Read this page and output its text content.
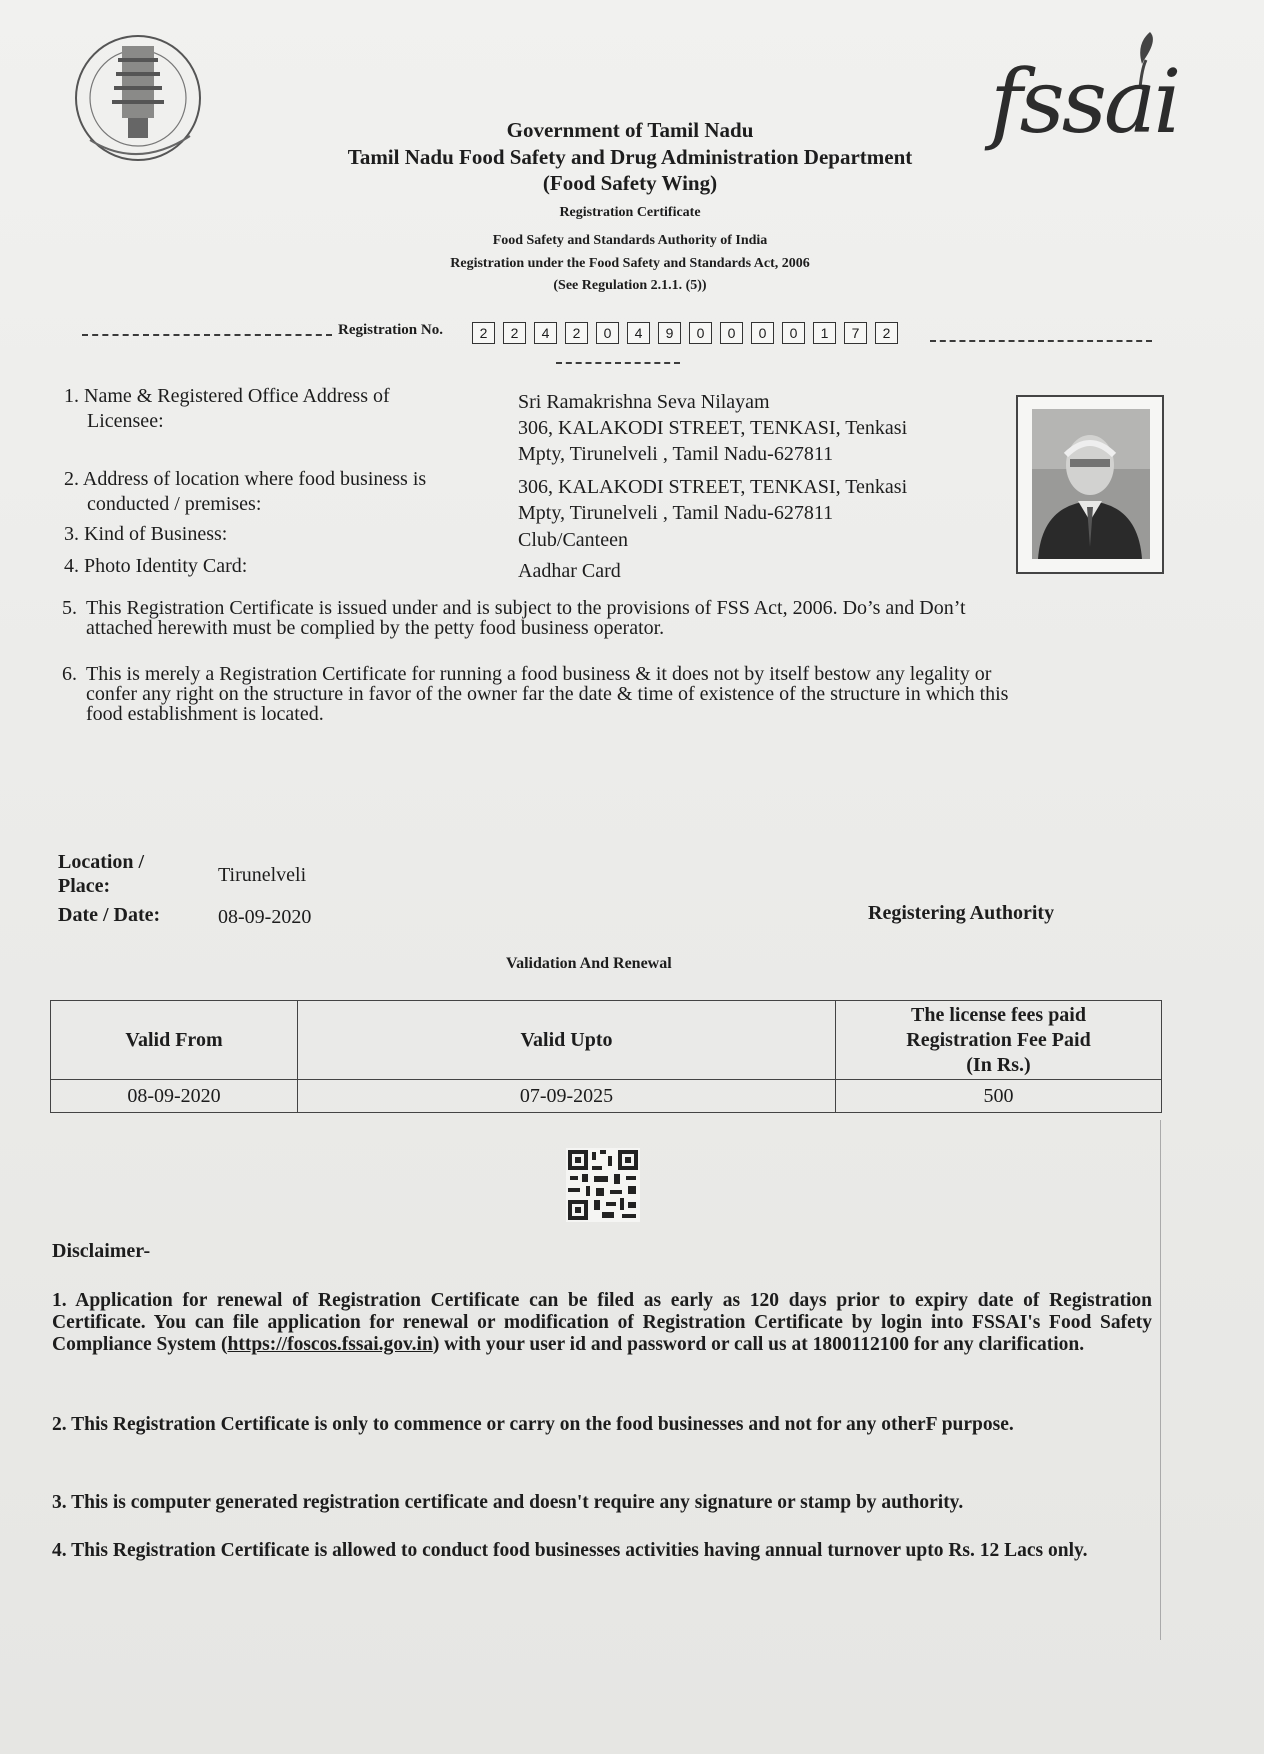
fssai
Government of Tamil Nadu
Tamil Nadu Food Safety and Drug Administration Department
(Food Safety Wing)
Registration Certificate
Food Safety and Standards Authority of India
Registration under the Food Safety and Standards Act, 2006
(See Regulation 2.1.1. (5))
Registration No.	2 2 4 2 0 4 9 0 0 0 0 1 7 2
1. Name & Registered Office Address of
Licensee:
Sri Ramakrishna Seva Nilayam
306, KALAKODI STREET, TENKASI, Tenkasi
Mpty, Tirunelveli , Tamil Nadu-627811
2. Address of location where food business is
conducted / premises:
306, KALAKODI STREET, TENKASI, Tenkasi
Mpty, Tirunelveli , Tamil Nadu-627811
3. Kind of Business:	Club/Canteen
4. Photo Identity Card:	Aadhar Card
5. This Registration Certificate is issued under and is subject to the provisions of FSS Act, 2006. Do’s and Don’t
attached herewith must be complied by the petty food business operator.
6. This is merely a Registration Certificate for running a food business & it does not by itself bestow any legality or
confer any right on the structure in favor of the owner far the date & time of existence of the structure in which this
food establishment is located.
Location /
Place:	Tirunelveli
Date / Date:	08-09-2020	Registering Authority
Validation And Renewal
Valid From	Valid Upto	The license fees paid
Registration Fee Paid
(In Rs.)

08-09-2020	07-09-2025	500
Disclaimer-
1. Application for renewal of Registration Certificate can be filed as early as 120 days prior to expiry date of Registration Certificate. You can file application for renewal or modification of Registration Certificate by login into FSSAI's Food Safety Compliance System (https://foscos.fssai.gov.in) with your user id and password or call us at 1800112100 for any clarification.
2. This Registration Certificate is only to commence or carry on the food businesses and not for any otherF purpose.
3. This is computer generated registration certificate and doesn't require any signature or stamp by authority.
4. This Registration Certificate is allowed to conduct food businesses activities having annual turnover upto Rs. 12 Lacs only.
